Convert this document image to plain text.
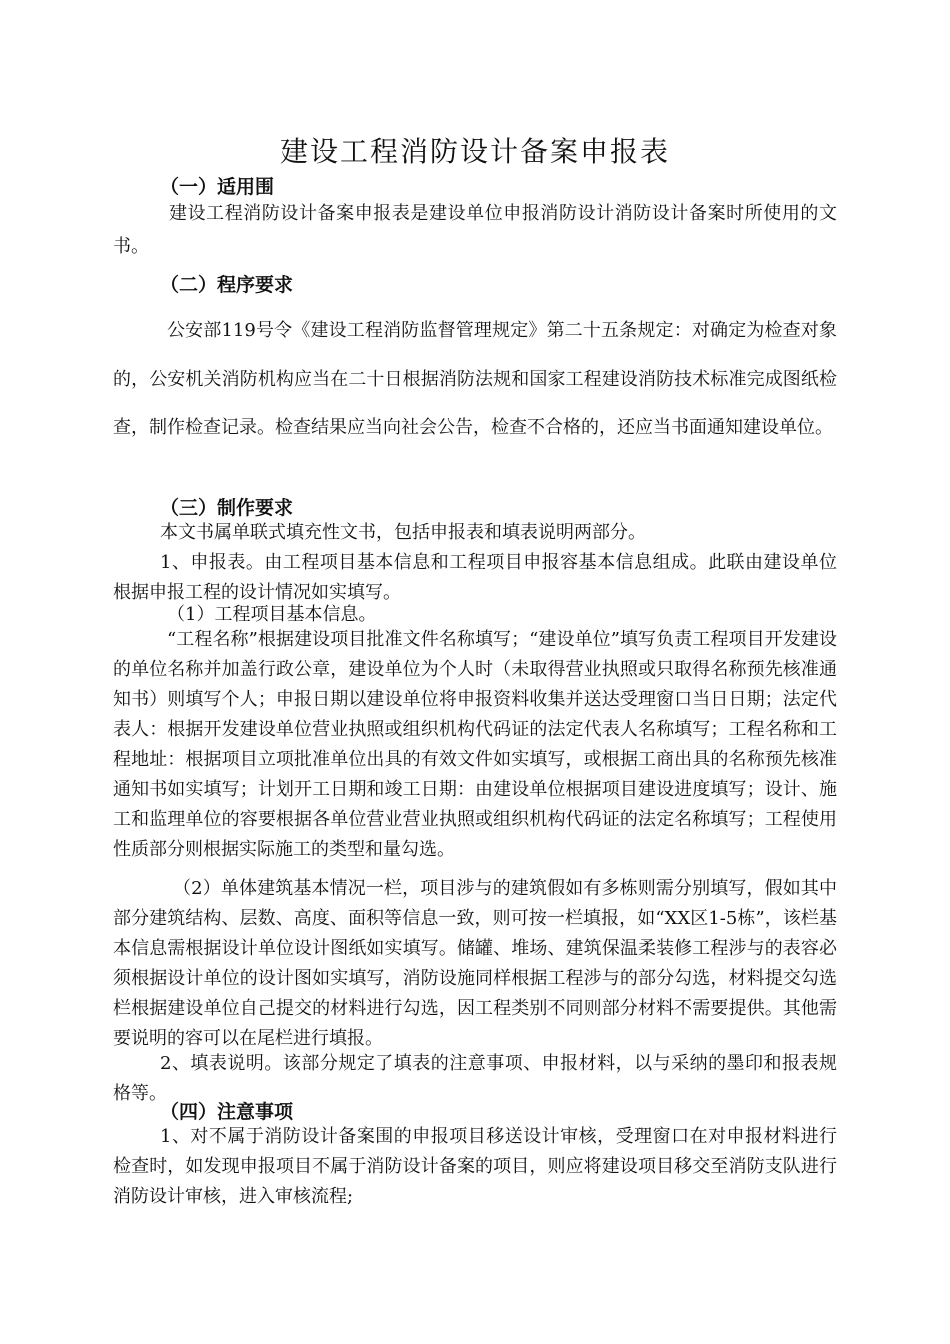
建设工程消防设计备案申报表
（一）适用围

建设工程消防设计备案申报表是建设单位申报消防设计消防设计备案时所使用的文书。

（二）程序要求

公安部119号令《建设工程消防监督管理规定》第二十五条规定：对确定为检查对象的，公安机关消防机构应当在二十日根据消防法规和国家工程建设消防技术标准完成图纸检查，制作检查记录。检查结果应当向社会公告，检查不合格的，还应当书面通知建设单位。

（三）制作要求

本文书属单联式填充性文书，包括申报表和填表说明两部分。

1、申报表。由工程项目基本信息和工程项目申报容基本信息组成。此联由建设单位根据申报工程的设计情况如实填写。

（1）工程项目基本信息。

“工程名称”根据建设项目批准文件名称填写；“建设单位”填写负责工程项目开发建设的单位名称并加盖行政公章，建设单位为个人时（未取得营业执照或只取得名称预先核准通知书）则填写个人；申报日期以建设单位将申报资料收集并送达受理窗口当日日期；法定代表人：根据开发建设单位营业执照或组织机构代码证的法定代表人名称填写；工程名称和工程地址：根据项目立项批准单位出具的有效文件如实填写，或根据工商出具的名称预先核准通知书如实填写；计划开工日期和竣工日期：由建设单位根据项目建设进度填写；设计、施工和监理单位的容要根据各单位营业营业执照或组织机构代码证的法定名称填写；工程使用性质部分则根据实际施工的类型和量勾选。

（2）单体建筑基本情况一栏，项目涉与的建筑假如有多栋则需分别填写，假如其中部分建筑结构、层数、高度、面积等信息一致，则可按一栏填报，如“XX区1-5栋”，该栏基本信息需根据设计单位设计图纸如实填写。储罐、堆场、建筑保温柔装修工程涉与的表容必须根据设计单位的设计图如实填写，消防设施同样根据工程涉与的部分勾选，材料提交勾选栏根据建设单位自己提交的材料进行勾选，因工程类别不同则部分材料不需要提供。其他需要说明的容可以在尾栏进行填报。

2、填表说明。该部分规定了填表的注意事项、申报材料，以与采纳的墨印和报表规格等。

（四）注意事项

1、对不属于消防设计备案围的申报项目移送设计审核，受理窗口在对申报材料进行检查时，如发现申报项目不属于消防设计备案的项目，则应将建设项目移交至消防支队进行消防设计审核，进入审核流程;
